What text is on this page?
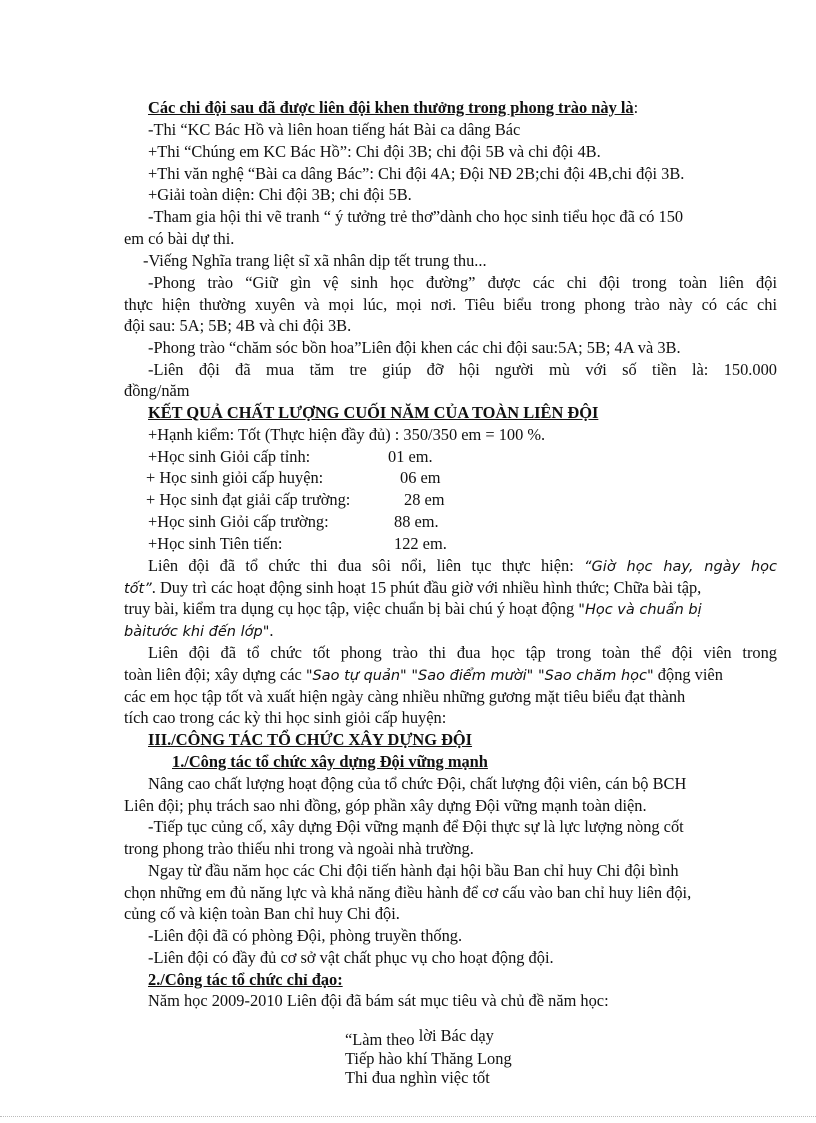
Các chi đội sau đã được liên đội khen thưởng trong phong trào này là:
-Thi “KC Bác Hồ và liên hoan tiếng hát Bài ca dâng Bác
+Thi “Chúng em KC Bác Hồ”: Chi đội 3B; chi đội 5B và chi đội 4B.
+Thi văn nghệ “Bài ca dâng Bác”: Chi đội 4A; Đội NĐ 2B;chi đội 4B,chi đội 3B.
+Giải toàn diện: Chi đội 3B; chi đội 5B.
-Tham gia hội thi vẽ tranh “ ý tưởng trẻ thơ”dành cho học sinh tiểu học đã có 150
em có bài dự thi.
-Viếng Nghĩa trang liệt sĩ xã nhân dịp tết trung thu...
-Phong trào “Giữ gìn vệ sinh học đường” được các chi đội trong toàn liên đội
thực hiện thường xuyên và mọi lúc, mọi nơi. Tiêu biểu trong phong trào này có các chi
đội sau: 5A; 5B; 4B và chi đội 3B.
-Phong trào “chăm sóc bồn hoa”Liên đội khen các chi đội sau:5A; 5B; 4A và 3B.
-Liên đội đã mua tăm tre giúp đỡ hội người mù với số tiền là: 150.000
đồng/năm
KẾT QUẢ CHẤT LƯỢNG CUỐI NĂM CỦA TOÀN LIÊN ĐỘI
+Hạnh kiểm: Tốt (Thực hiện đầy đủ) : 350/350 em = 100 %.
+Học sinh Giỏi cấp tỉnh:	01 em.
+ Học sinh giỏi cấp huyện:	06 em
+ Học sinh đạt giải cấp trường:	28 em
+Học sinh Giỏi cấp trường:	88 em.
+Học sinh Tiên tiến:	122 em.
Liên đội đã tổ chức thi đua sôi nổi, liên tục thực hiện: “Giờ học hay, ngày học
tốt”. Duy trì các hoạt động sinh hoạt 15 phút đầu giờ với nhiều hình thức; Chữa bài tập,
truy bài, kiểm tra dụng cụ học tập, việc chuẩn bị bài chú ý hoạt động "Học và chuẩn bị
bàitước khi đến lớp".
Liên đội đã tổ chức tốt phong trào thi đua học tập trong toàn thể đội viên trong
toàn liên đội; xây dựng các "Sao tự quản" "Sao điểm mười" "Sao chăm học" động viên
các em học tập tốt và xuất hiện ngày càng nhiều những gương mặt tiêu biểu đạt thành
tích cao trong các kỳ thi học sinh giỏi cấp huyện:
III./CÔNG TÁC TỔ CHỨC XÂY DỰNG ĐỘI
1./Công tác tổ chức xây dựng Đội vững mạnh
Nâng cao chất lượng hoạt động của tổ chức Đội, chất lượng đội viên, cán bộ BCH
Liên đội; phụ trách sao nhi đồng, góp phần xây dựng Đội vững mạnh toàn diện.
-Tiếp tục củng cố, xây dựng Đội vững mạnh để Đội thực sự là lực lượng nòng cốt
trong phong trào thiếu nhi trong và ngoài nhà trường.
Ngay từ đầu năm học các Chi đội tiến hành đại hội bầu Ban chỉ huy Chi đội bình
chọn những em đủ năng lực và khả năng điều hành để cơ cấu vào ban chỉ huy liên đội,
củng cố và kiện toàn Ban chỉ huy Chi đội.
-Liên đội đã có phòng Đội, phòng truyền thống.
-Liên đội có đầy đủ cơ sở vật chất phục vụ cho hoạt động đội.
2./Công tác tổ chức chỉ đạo:
Năm học 2009-2010 Liên đội đã bám sát mục tiêu và chủ đề năm học:
“Làm theo lời Bác dạy
Tiếp hào khí Thăng Long
Thi đua nghìn việc tốt
